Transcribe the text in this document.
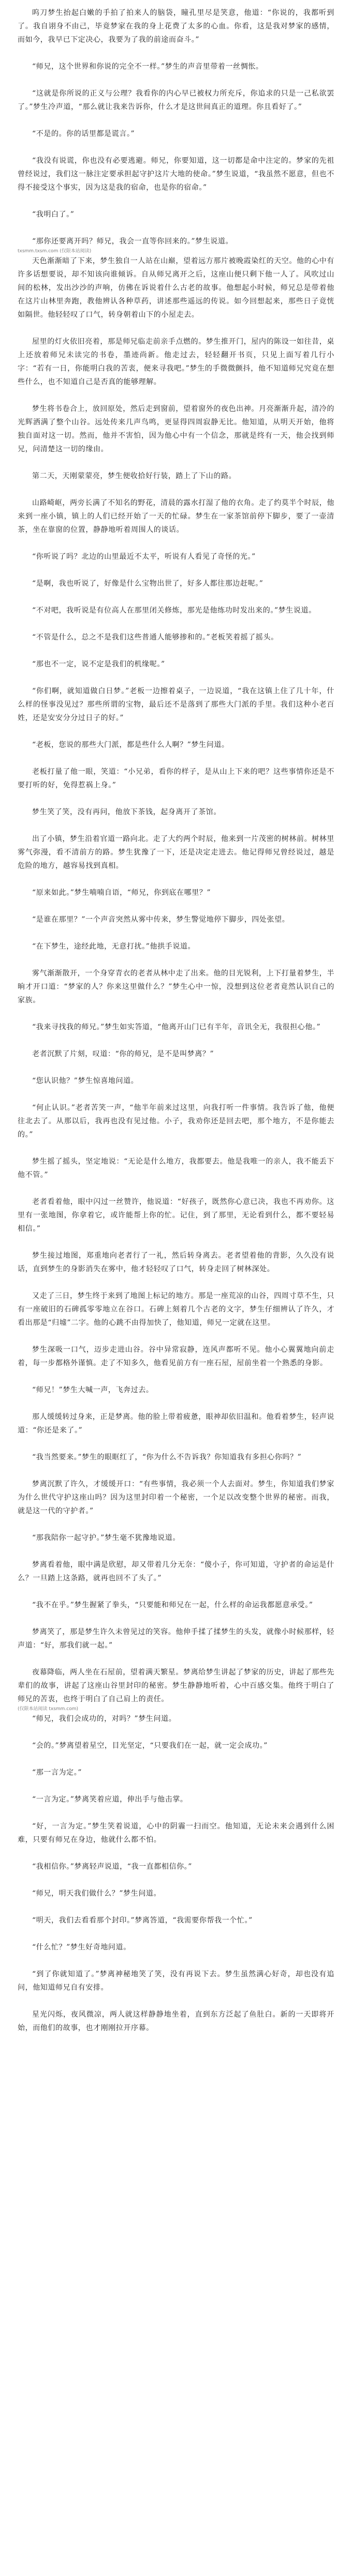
呜刀梦生抬起白嫩的手拍了拍来人的脑袋，瞳孔里尽是笑意，他道：“你说的，我都听到了。我自诩身不由己，毕竟梦家在我的身上花费了太多的心血。你看，这是我对梦家的感情，而如今，我早已下定决心，我要为了我的前途而奋斗。”

“师兄，这个世界和你说的完全不一样。”梦生的声音里带着一丝惆怅。

“这就是你所说的正义与公理？我看你的内心早已被权力所充斥，你追求的只是一己私欲罢了。”梦生冷声道，“那么就让我来告诉你，什么才是这世间真正的道理。你且看好了。”

“不是的。你的话里都是谎言。”

“我没有说谎，你也没有必要逃避。师兄，你要知道，这一切都是命中注定的。梦家的先祖曾经说过，我们这一脉注定要承担起守护这片大地的使命。”梦生说道，“我虽然不愿意，但也不得不接受这个事实，因为这是我的宿命，也是你的宿命。”

“我明白了。”

“那你还要离开吗？师兄，我会一直等你回来的。”梦生说道。

txsmm.txsm.com (仅限本站阅读)

天色渐渐暗了下来，梦生独自一人站在山巅，望着远方那片被晚霞染红的天空。他的心中有许多话想要说，却不知该向谁倾诉。自从师兄离开之后，这座山便只剩下他一人了。风吹过山间的松林，发出沙沙的声响，仿佛在诉说着什么古老的故事。他想起小时候，师兄总是带着他在这片山林里奔跑，教他辨认各种草药，讲述那些遥远的传说。如今回想起来，那些日子竟恍如隔世。他轻轻叹了口气，转身朝着山下的小屋走去。

屋里的灯火依旧亮着，那是师兄临走前亲手点燃的。梦生推开门，屋内的陈设一如往昔，桌上还放着师兄未读完的书卷，墨迹尚新。他走过去，轻轻翻开书页，只见上面写着几行小字：“若有一日，你能明白我的苦衷，便来寻我吧。”梦生的手微微颤抖，他不知道师兄究竟在想些什么，也不知道自己是否真的能够理解。

梦生将书卷合上，放回原处，然后走到窗前，望着窗外的夜色出神。月亮渐渐升起，清冷的光辉洒满了整个山谷。远处传来几声鸟鸣，更显得四周寂静无比。他知道，从明天开始，他将独自面对这一切。然而，他并不害怕，因为他心中有一个信念，那就是终有一天，他会找到师兄，问清楚这一切的缘由。

第二天，天刚蒙蒙亮，梦生便收拾好行装，踏上了下山的路。

山路崎岖，两旁长满了不知名的野花，清晨的露水打湿了他的衣角。走了约莫半个时辰，他来到一座小镇，镇上的人们已经开始了一天的忙碌。梦生在一家茶馆前停下脚步，要了一壶清茶，坐在靠窗的位置，静静地听着周围人的谈话。

“你听说了吗？北边的山里最近不太平，听说有人看见了奇怪的光。”

“是啊，我也听说了，好像是什么宝物出世了，好多人都往那边赶呢。”

“不对吧，我听说是有位高人在那里闭关修炼，那光是他练功时发出来的。”梦生说道。

“不管是什么，总之不是我们这些普通人能够掺和的。”老板笑着摇了摇头。

“那也不一定，说不定是我们的机缘呢。”

“你们啊，就知道做白日梦。”老板一边擦着桌子，一边说道，“我在这镇上住了几十年，什么样的怪事没见过？那些所谓的宝物，最后还不是落到了那些大门派的手里。我们这种小老百姓，还是安安分分过日子的好。”

“老板，您说的那些大门派，都是些什么人啊？”梦生问道。

老板打量了他一眼，笑道：“小兄弟，看你的样子，是从山上下来的吧？这些事情你还是不要打听的好，免得惹祸上身。”

梦生笑了笑，没有再问，他放下茶钱，起身离开了茶馆。

出了小镇，梦生沿着官道一路向北。走了大约两个时辰，他来到一片茂密的树林前。树林里雾气弥漫，看不清前方的路。梦生犹豫了一下，还是决定走进去。他记得师兄曾经说过，越是危险的地方，越容易找到真相。

“原来如此。”梦生喃喃自语，“师兄，你到底在哪里？”

“是谁在那里？”一个声音突然从雾中传来，梦生警觉地停下脚步，四处张望。

“在下梦生，途经此地，无意打扰。”他拱手说道。

雾气渐渐散开，一个身穿青衣的老者从林中走了出来。他的目光锐利，上下打量着梦生，半晌才开口道：“梦家的人？你来这里做什么？”梦生心中一惊，没想到这位老者竟然认识自己的家族。

“我来寻找我的师兄。”梦生如实答道，“他离开山门已有半年，音讯全无，我很担心他。”

老者沉默了片刻，叹道：“你的师兄，是不是叫梦离？”

“您认识他？”梦生惊喜地问道。

“何止认识。”老者苦笑一声，“他半年前来过这里，向我打听一件事情。我告诉了他，他便往北去了。从那以后，我再也没有见过他。小子，我劝你还是回去吧，那个地方，不是你能去的。”

梦生摇了摇头，坚定地说：“无论是什么地方，我都要去。他是我唯一的亲人，我不能丢下他不管。”

老者看着他，眼中闪过一丝赞许，他说道：“好孩子，既然你心意已决，我也不再劝你。这里有一张地图，你拿着它，或许能帮上你的忙。记住，到了那里，无论看到什么，都不要轻易相信。”

梦生接过地图，郑重地向老者行了一礼，然后转身离去。老者望着他的背影，久久没有说话，直到梦生的身影消失在雾中，他才轻轻叹了口气，转身走回了树林深处。

又走了三日，梦生终于来到了地图上标记的地方。那是一座荒凉的山谷，四周寸草不生，只有一座破旧的石碑孤零零地立在谷口。石碑上刻着几个古老的文字，梦生仔细辨认了许久，才看出那是“归墟”二字。他的心跳不由得加快了，他知道，师兄一定就在这里。

梦生深吸一口气，迈步走进山谷。谷中异常寂静，连风声都听不见。他小心翼翼地向前走着，每一步都格外谨慎。走了不知多久，他看见前方有一座石屋，屋前坐着一个熟悉的身影。

“师兄！”梦生大喊一声，飞奔过去。

那人缓缓转过身来，正是梦离。他的脸上带着疲惫，眼神却依旧温和。他看着梦生，轻声说道：“你还是来了。”

“我当然要来。”梦生的眼眶红了，“你为什么不告诉我？你知道我有多担心你吗？”

梦离沉默了许久，才缓缓开口：“有些事情，我必须一个人去面对。梦生，你知道我们梦家为什么世代守护这座山吗？因为这里封印着一个秘密，一个足以改变整个世界的秘密。而我，就是这一代的守护者。”

“那我陪你一起守护。”梦生毫不犹豫地说道。

梦离看着他，眼中满是欣慰，却又带着几分无奈：“傻小子，你可知道，守护者的命运是什么？一旦踏上这条路，就再也回不了头了。”

“我不在乎。”梦生握紧了拳头，“只要能和师兄在一起，什么样的命运我都愿意承受。”

梦离笑了，那是梦生许久未曾见过的笑容。他伸手揉了揉梦生的头发，就像小时候那样，轻声道：“好，那我们就一起。”

夜幕降临，两人坐在石屋前，望着满天繁星。梦离给梦生讲起了梦家的历史，讲起了那些先辈们的故事，讲起了这座山谷里封印的秘密。梦生静静地听着，心中百感交集。他终于明白了师兄的苦衷，也终于明白了自己肩上的责任。

(仅限本站阅读 txsmm.com)

“师兄，我们会成功的，对吗？”梦生问道。

“会的。”梦离望着星空，目光坚定，“只要我们在一起，就一定会成功。”

“那一言为定。”

“一言为定。”梦离笑着应道，伸出手与他击掌。

“好，一言为定。”梦生笑着说道，心中的阴霾一扫而空。他知道，无论未来会遇到什么困难，只要有师兄在身边，他就什么都不怕。

“我相信你。”梦离轻声说道，“我一直都相信你。”

“师兄，明天我们做什么？”梦生问道。

“明天，我们去看看那个封印。”梦离答道，“我需要你帮我一个忙。”

“什么忙？”梦生好奇地问道。

“到了你就知道了。”梦离神秘地笑了笑，没有再说下去。梦生虽然满心好奇，却也没有追问，他知道师兄自有安排。

星光闪烁，夜风微凉，两人就这样静静地坐着，直到东方泛起了鱼肚白。新的一天即将开始，而他们的故事，也才刚刚拉开序幕。
